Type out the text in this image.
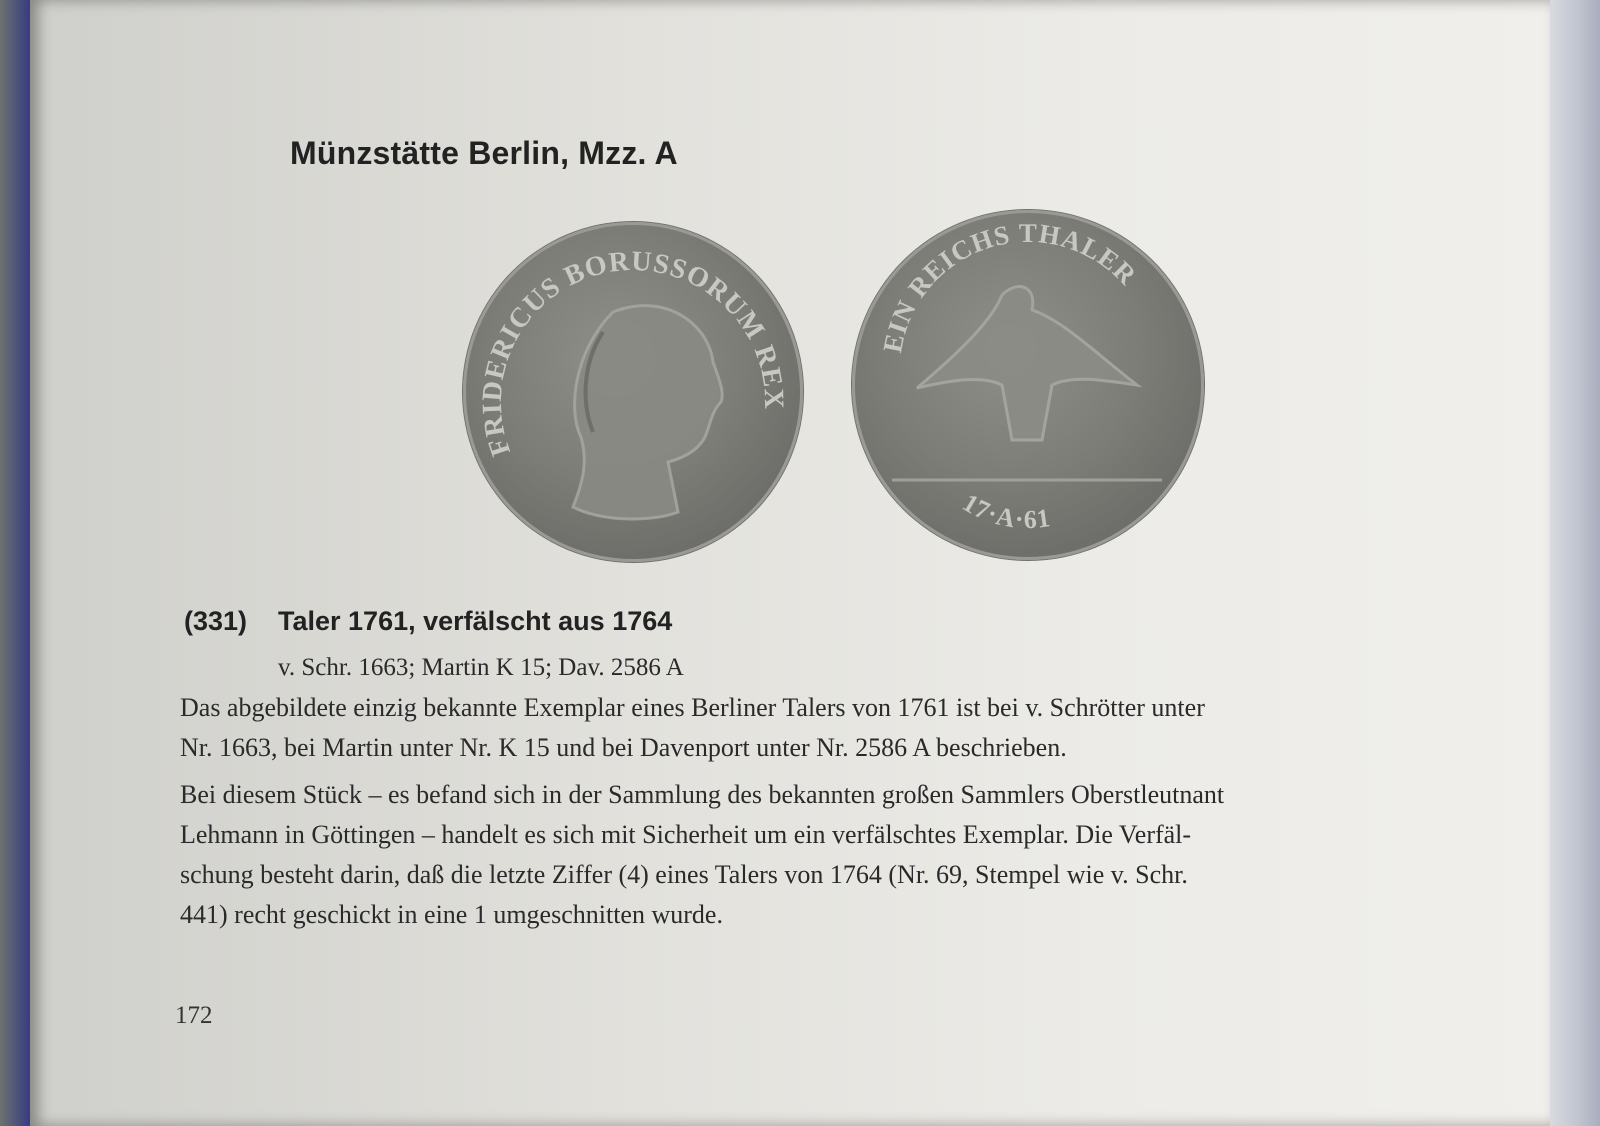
Münzstätte Berlin, Mzz. A
FRIDERICUS BORUSSORUM REX
EIN REICHS THALER
17·A·61
(331) Taler 1761, verfälscht aus 1764
v. Schr. 1663; Martin K 15; Dav. 2586 A
Das abgebildete einzig bekannte Exemplar eines Berliner Talers von 1761 ist bei v. Schrötter unter
Nr. 1663, bei Martin unter Nr. K 15 und bei Davenport unter Nr. 2586 A beschrieben.
Bei diesem Stück – es befand sich in der Sammlung des bekannten großen Sammlers Oberstleutnant
Lehmann in Göttingen – handelt es sich mit Sicherheit um ein verfälschtes Exemplar. Die Verfäl-
schung besteht darin, daß die letzte Ziffer (4) eines Talers von 1764 (Nr. 69, Stempel wie v. Schr.
441) recht geschickt in eine 1 umgeschnitten wurde.
172
